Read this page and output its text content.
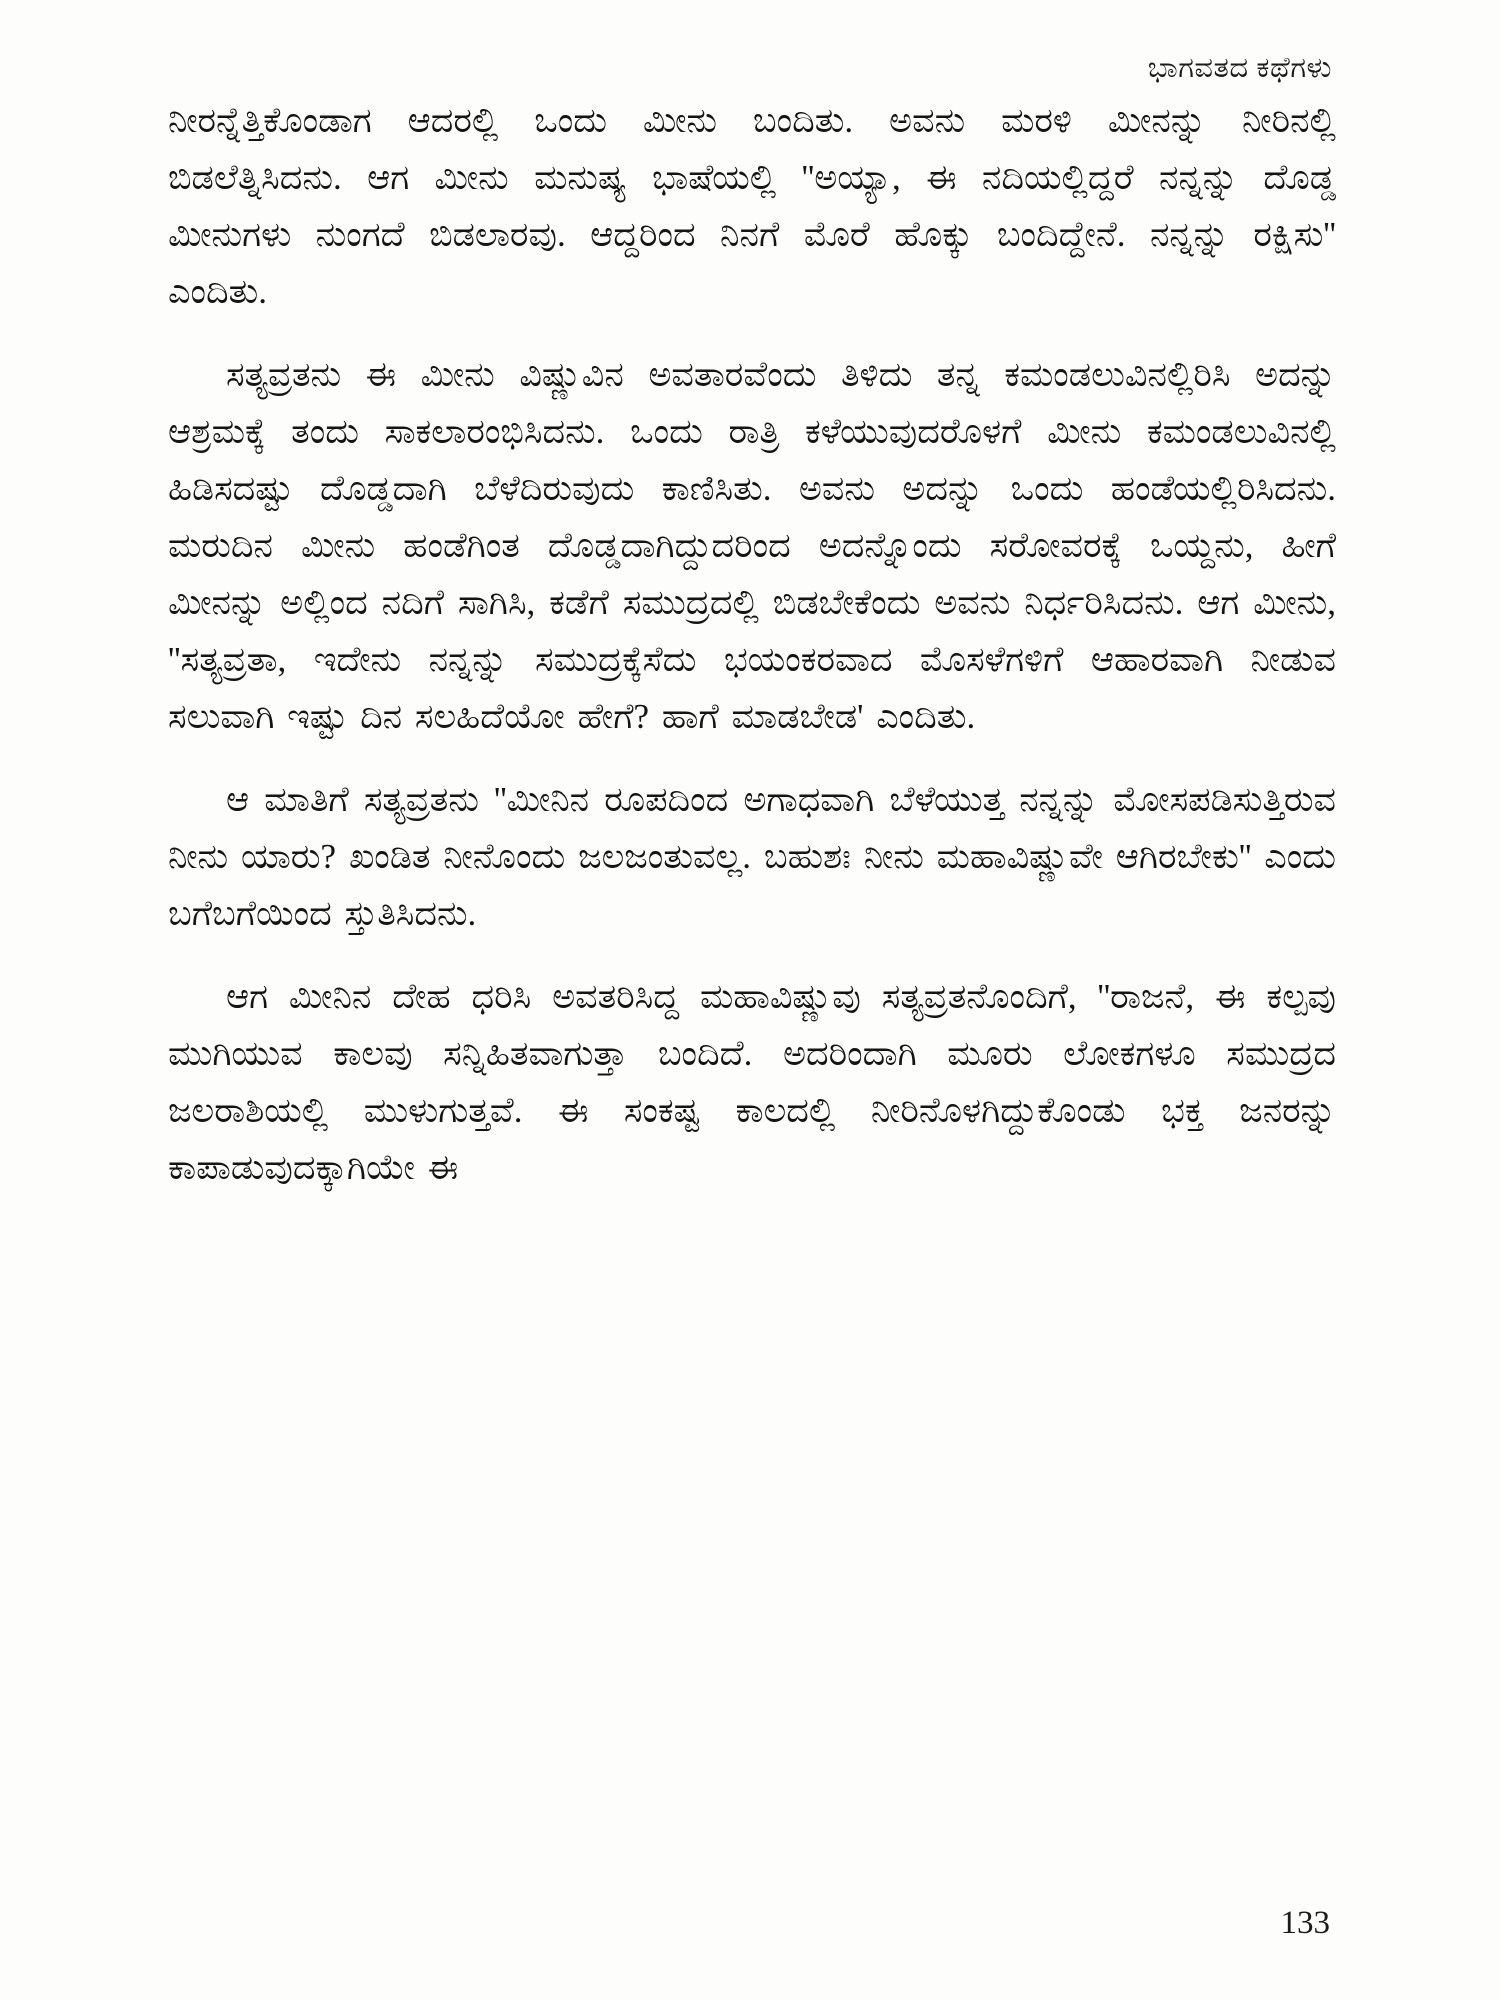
ಭಾಗವತದ ಕಥೆಗಳು
ನೀರನ್ನೆತ್ತಿಕೊಂಡಾಗ ಆದರಲ್ಲಿ ಒಂದು ಮೀನು ಬಂದಿತು. ಅವನು ಮರಳಿ ಮೀನನ್ನು ನೀರಿನಲ್ಲಿ ಬಿಡಲೆತ್ನಿಸಿದನು. ಆಗ ಮೀನು ಮನುಷ್ಯ ಭಾಷೆಯಲ್ಲಿ ''ಅಯ್ಯಾ, ಈ ನದಿಯಲ್ಲಿದ್ದರೆ ನನ್ನನ್ನು ದೊಡ್ಡ ಮೀನುಗಳು ನುಂಗದೆ ಬಿಡಲಾರವು. ಆದ್ದರಿಂದ ನಿನಗೆ ಮೊರೆ ಹೊಕ್ಕು ಬಂದಿದ್ದೇನೆ. ನನ್ನನ್ನು ರಕ್ಷಿಸು'' ಎಂದಿತು.
ಸತ್ಯವ್ರತನು ಈ ಮೀನು ವಿಷ್ಣುವಿನ ಅವತಾರವೆಂದು ತಿಳಿದು ತನ್ನ ಕಮಂಡಲುವಿನಲ್ಲಿರಿಸಿ ಅದನ್ನು ಆಶ್ರಮಕ್ಕೆ ತಂದು ಸಾಕಲಾರಂಭಿಸಿದನು. ಒಂದು ರಾತ್ರಿ ಕಳೆಯುವುದರೊಳಗೆ ಮೀನು ಕಮಂಡಲುವಿನಲ್ಲಿ ಹಿಡಿಸದಷ್ಟು ದೊಡ್ಡದಾಗಿ ಬೆಳೆದಿರುವುದು ಕಾಣಿಸಿತು. ಅವನು ಅದನ್ನು ಒಂದು ಹಂಡೆಯಲ್ಲಿರಿಸಿದನು. ಮರುದಿನ ಮೀನು ಹಂಡೆಗಿಂತ ದೊಡ್ಡದಾಗಿದ್ದುದರಿಂದ ಅದನ್ನೊಂದು ಸರೋವರಕ್ಕೆ ಒಯ್ದನು, ಹೀಗೆ ಮೀನನ್ನು ಅಲ್ಲಿಂದ ನದಿಗೆ ಸಾಗಿಸಿ, ಕಡೆಗೆ ಸಮುದ್ರದಲ್ಲಿ ಬಿಡಬೇಕೆಂದು ಅವನು ನಿರ್ಧರಿಸಿದನು. ಆಗ ಮೀನು, ''ಸತ್ಯವ್ರತಾ, ಇದೇನು ನನ್ನನ್ನು ಸಮುದ್ರಕ್ಕೆಸೆದು ಭಯಂಕರವಾದ ಮೊಸಳೆಗಳಿಗೆ ಆಹಾರವಾಗಿ ನೀಡುವ ಸಲುವಾಗಿ ಇಷ್ಟು ದಿನ ಸಲಹಿದೆಯೋ ಹೇಗೆ? ಹಾಗೆ ಮಾಡಬೇಡ' ಎಂದಿತು.
ಆ ಮಾತಿಗೆ ಸತ್ಯವ್ರತನು ''ಮೀನಿನ ರೂಪದಿಂದ ಅಗಾಧವಾಗಿ ಬೆಳೆಯುತ್ತ ನನ್ನನ್ನು ಮೋಸಪಡಿಸುತ್ತಿರುವ ನೀನು ಯಾರು? ಖಂಡಿತ ನೀನೊಂದು ಜಲಜಂತುವಲ್ಲ. ಬಹುಶಃ ನೀನು ಮಹಾವಿಷ್ಣುವೇ ಆಗಿರಬೇಕು'' ಎಂದು ಬಗೆಬಗೆಯಿಂದ ಸ್ತುತಿಸಿದನು.
ಆಗ ಮೀನಿನ ದೇಹ ಧರಿಸಿ ಅವತರಿಸಿದ್ದ ಮಹಾವಿಷ್ಣುವು ಸತ್ಯವ್ರತನೊಂದಿಗೆ, ''ರಾಜನೆ, ಈ ಕಲ್ಪವು ಮುಗಿಯುವ ಕಾಲವು ಸನ್ನಿಹಿತವಾಗುತ್ತಾ ಬಂದಿದೆ. ಅದರಿಂದಾಗಿ ಮೂರು ಲೋಕಗಳೂ ಸಮುದ್ರದ ಜಲರಾಶಿಯಲ್ಲಿ ಮುಳುಗುತ್ತವೆ. ಈ ಸಂಕಷ್ಟ ಕಾಲದಲ್ಲಿ ನೀರಿನೊಳಗಿದ್ದುಕೊಂಡು ಭಕ್ತ ಜನರನ್ನು ಕಾಪಾಡುವುದಕ್ಕಾಗಿಯೇ ಈ
133
